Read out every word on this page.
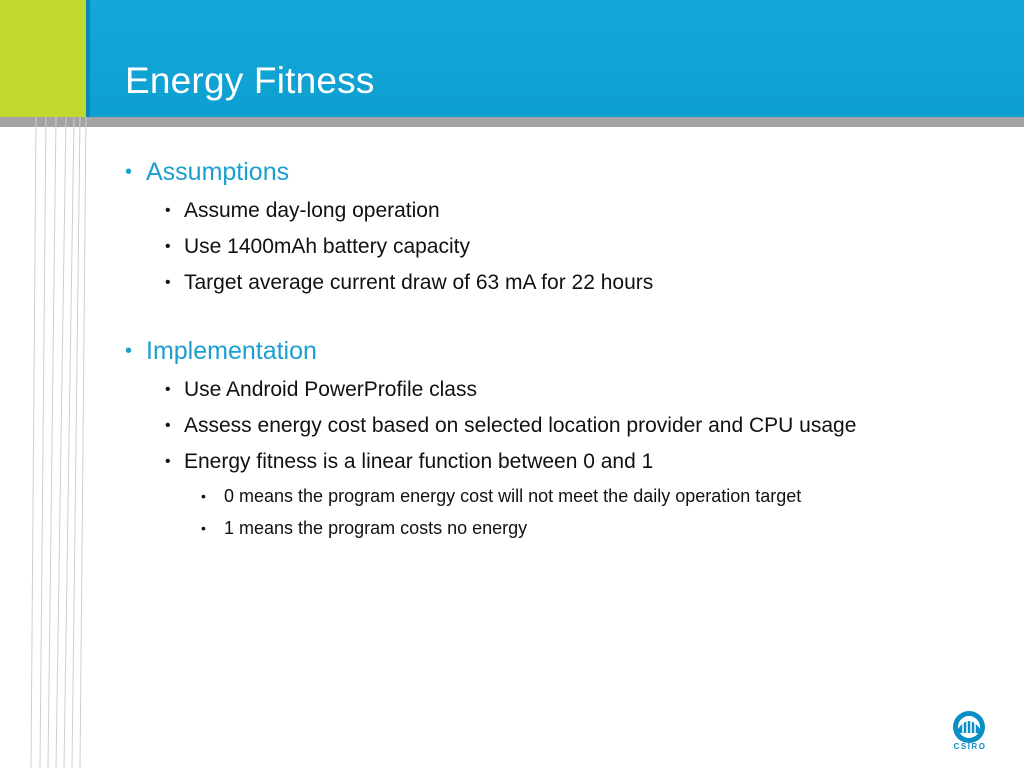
Energy Fitness
• Assumptions
• Assume day-long operation
• Use 1400mAh battery capacity
• Target average current draw of 63 mA for 22 hours
• Implementation
• Use Android PowerProfile class
• Assess energy cost based on selected location provider and CPU usage
• Energy fitness is a linear function between 0 and 1
• 0 means the program energy cost will not meet the daily operation target
• 1 means the program costs no energy
CSIRO
